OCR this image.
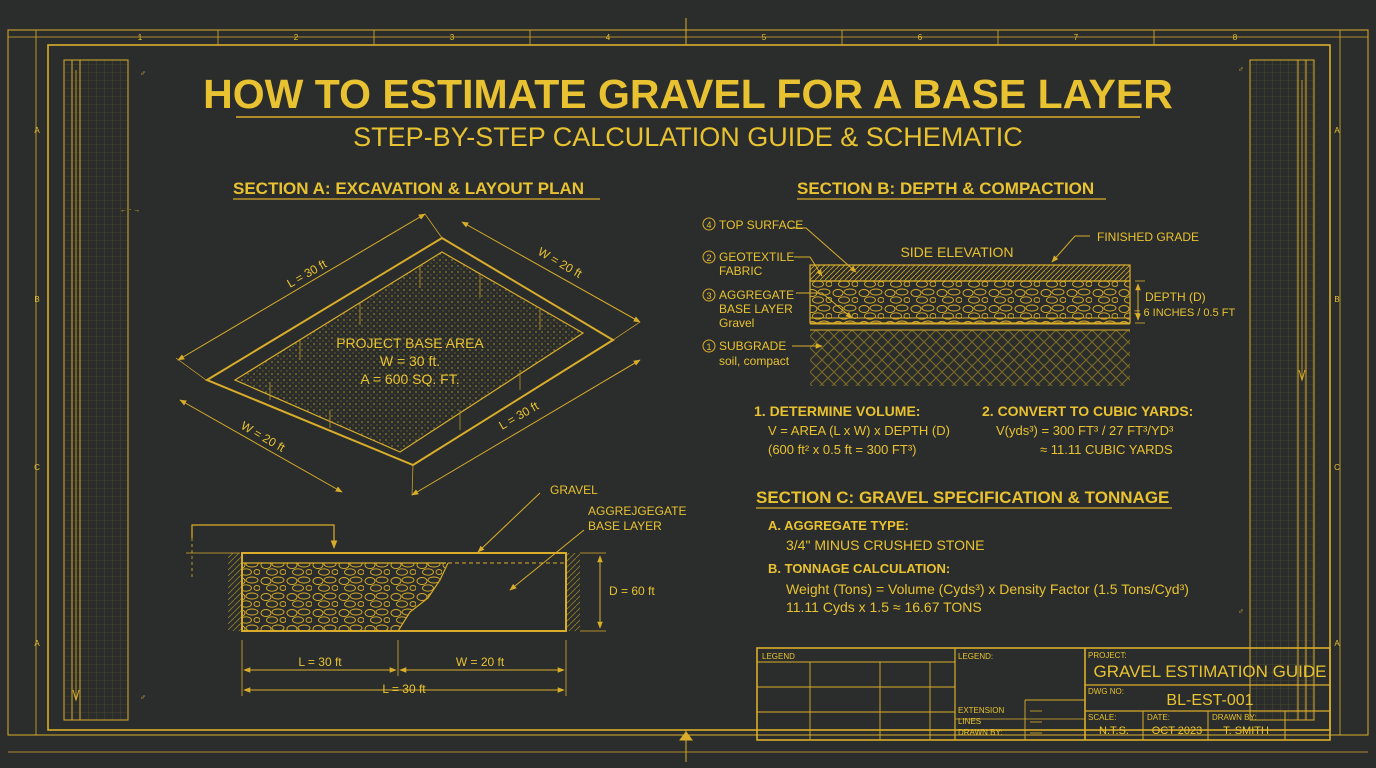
1	2	3	4	5	6	7	8
A
B
C
A
A
B
C
A
♂
♂
← ⋅ →
♂
♂
HOW TO ESTIMATE GRAVEL FOR A BASE LAYER
STEP-BY-STEP CALCULATION GUIDE & SCHEMATIC
SECTION A: EXCAVATION & LAYOUT PLAN
L = 30 ft	W = 20 ft
W = 20 ft
L = 30 ft
PROJECT BASE AREA
W = 30 ft.
A = 600 SQ. FT.
GRAVEL
AGGREJGEGATE
BASE LAYER
D = 60 ft
L = 30 ft	W = 20 ft
L = 30 ft
SECTION B: DEPTH & COMPACTION
SIDE ELEVATION
FINISHED GRADE
4 TOP SURFACE
2 GEOTEXTILE
FABRIC
3 AGGREGATE
BASE LAYER
Gravel
1 SUBGRADE
soil, compact
DEPTH (D)
= 6 INCHES / 0.5 FT
1. DETERMINE VOLUME:
V = AREA (L x W) x DEPTH (D)
(600 ft² x 0.5 ft = 300 FT³)
2. CONVERT TO CUBIC YARDS:
V(yds³) = 300 FT³ / 27 FT³/YD³
≈ 11.11 CUBIC YARDS
SECTION C: GRAVEL SPECIFICATION & TONNAGE
A. AGGREGATE TYPE:
3/4" MINUS CRUSHED STONE
B. TONNAGE CALCULATION:
Weight (Tons) = Volume (Cyds³) x Density Factor (1.5 Tons/Cyd³)
11.11 Cyds x 1.5 ≈ 16.67 TONS
LEGEND	LEGEND:
EXTENSION
LINES
DRAWN BY:
PROJECT:
GRAVEL ESTIMATION GUIDE
DWG NO:
BL-EST-001
SCALE:
N.T.S.
DATE:
OCT 2023
DRAWN BY:
T. SMITH
